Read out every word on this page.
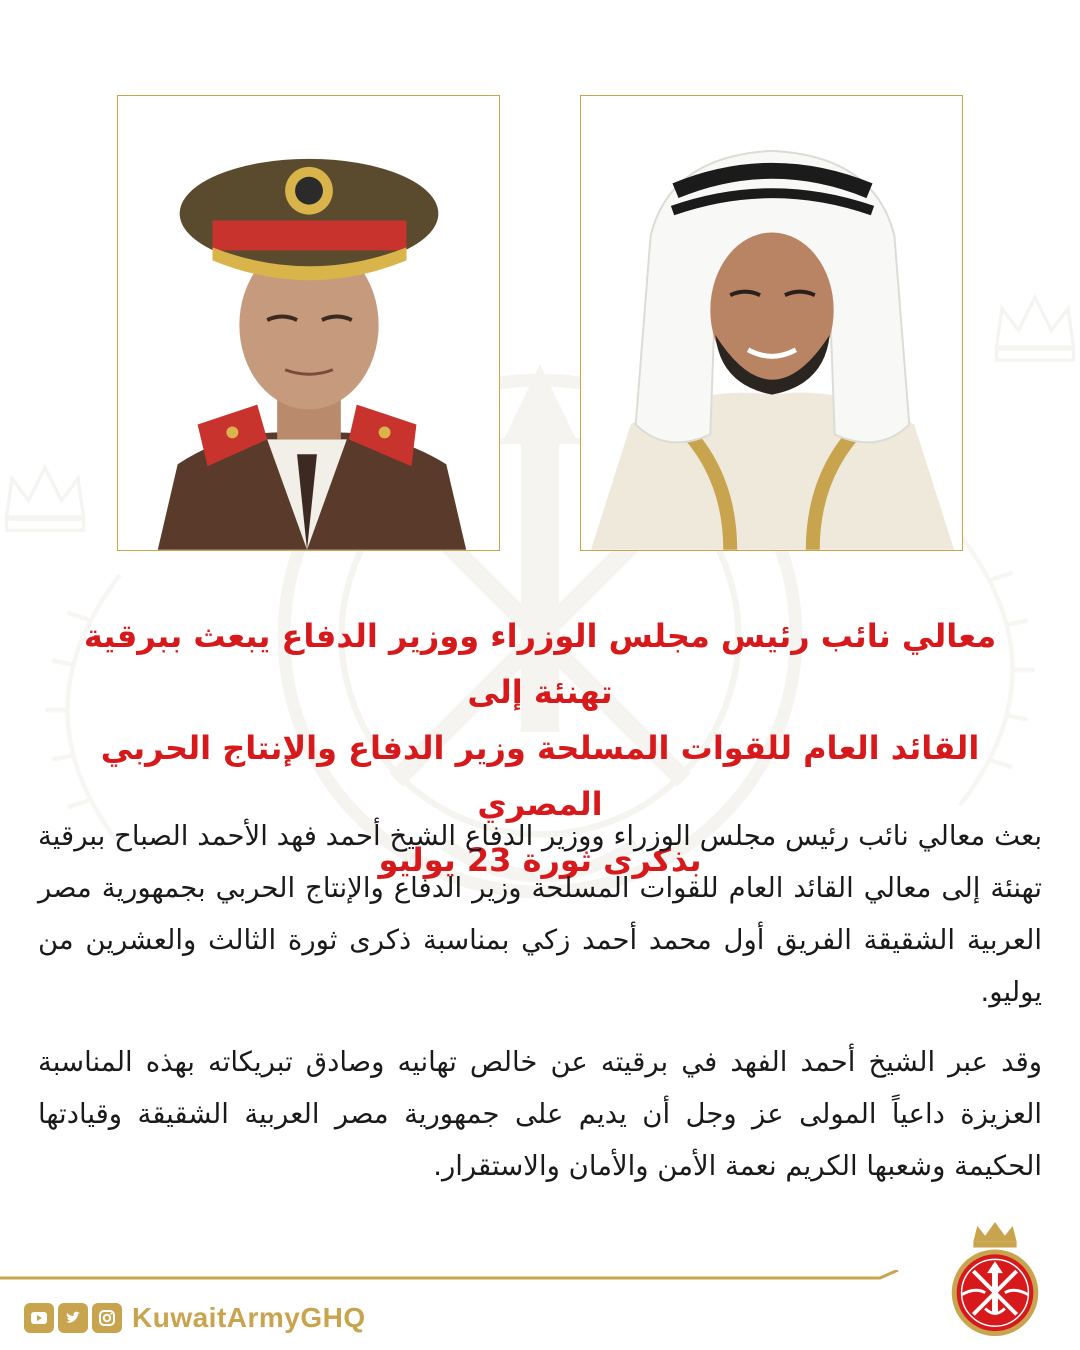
معالي نائب رئيس مجلس الوزراء ووزير الدفاع يبعث ببرقية تهنئة إلى
القائد العام للقوات المسلحة وزير الدفاع والإنتاج الحربي المصري
بذكرى ثورة 23 يوليو

بعث معالي نائب رئيس مجلس الوزراء ووزير الدفاع الشيخ أحمد فهد الأحمد الصباح ببرقية تهنئة إلى معالي القائد العام للقوات المسلحة وزير الدفاع والإنتاج الحربي بجمهورية مصر العربية الشقيقة الفريق أول محمد أحمد زكي بمناسبة ذكرى ثورة الثالث والعشرين من يوليو.

وقد عبر الشيخ أحمد الفهد في برقيته عن خالص تهانيه وصادق تبريكاته بهذه المناسبة العزيزة داعياً المولى عز وجل أن يديم على جمهورية مصر العربية الشقيقة وقيادتها الحكيمة وشعبها الكريم نعمة الأمن والأمان والاستقرار.

KuwaitArmyGHQ
